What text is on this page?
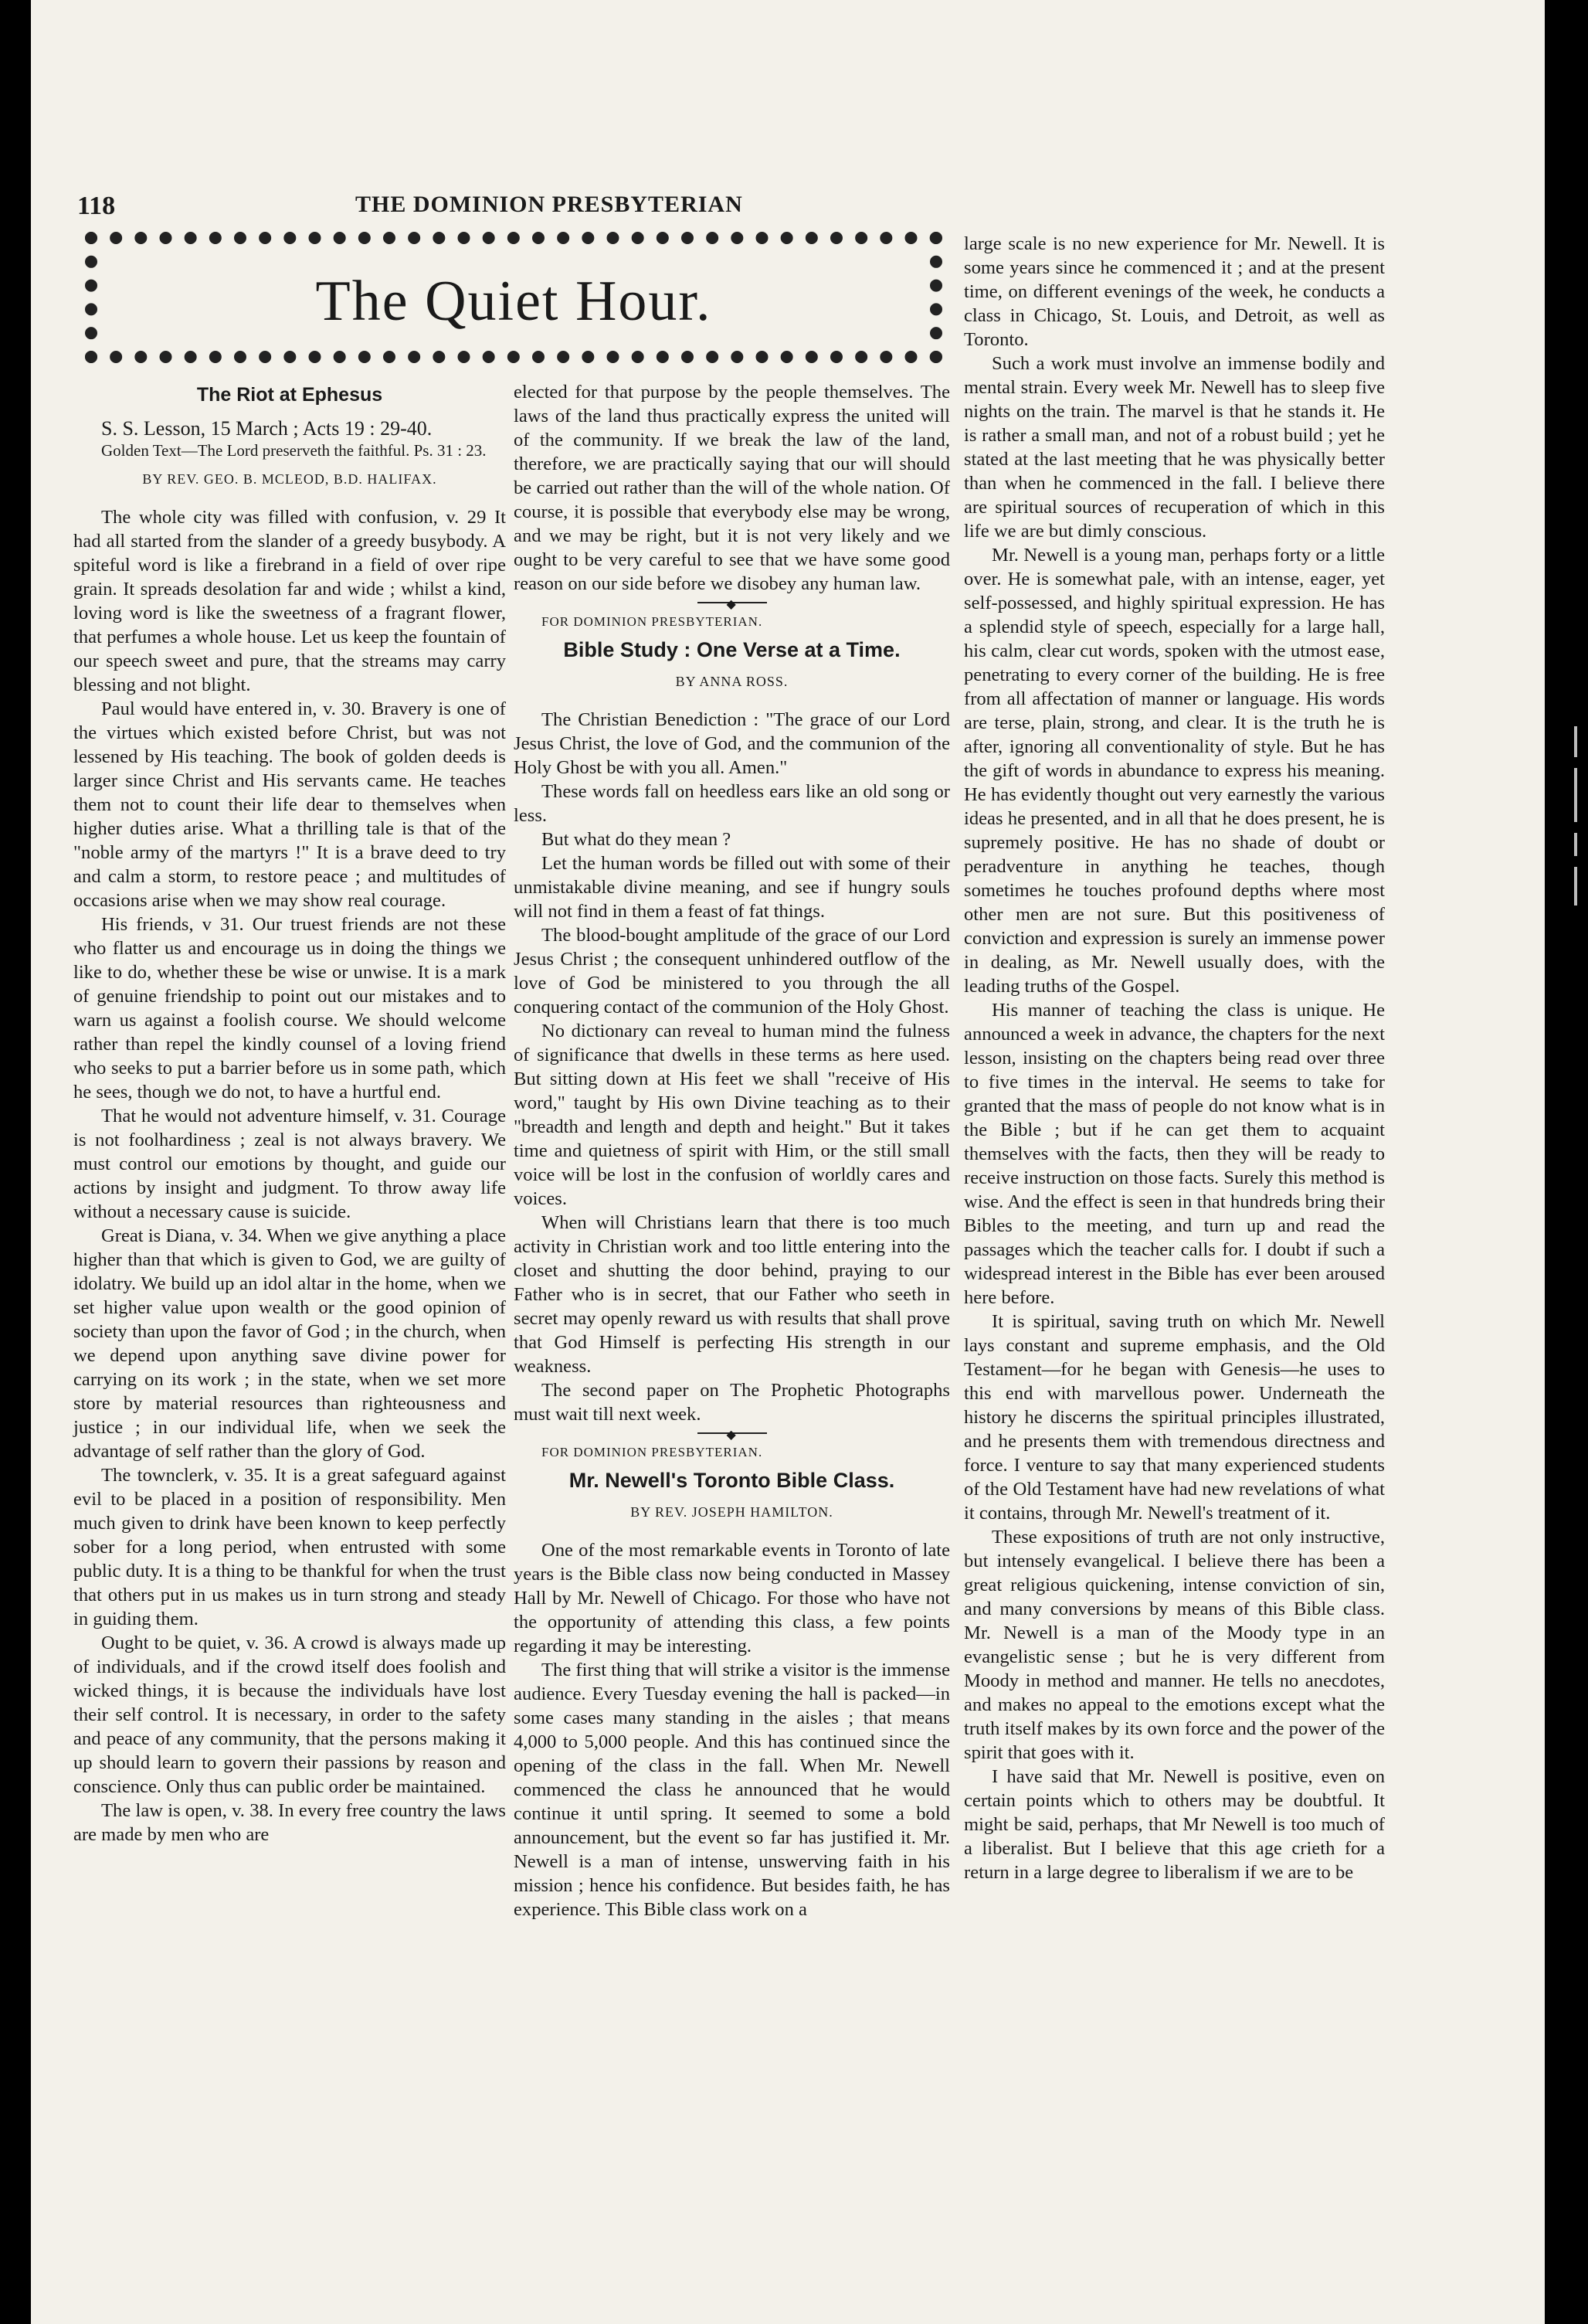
118	THE DOMINION PRESBYTERIAN
The Quiet Hour.
The Riot at Ephesus

S. S. Lesson, 15 March ; Acts 19 : 29-40.

Golden Text—The Lord preserveth the faithful. Ps. 31 : 23.

BY REV. GEO. B. MCLEOD, B.D. HALIFAX.

The whole city was filled with confusion, v. 29 It had all started from the slander of a greedy busybody. A spiteful word is like a firebrand in a field of over ripe grain. It spreads desolation far and wide ; whilst a kind, loving word is like the sweetness of a fragrant flower, that perfumes a whole house. Let us keep the fountain of our speech sweet and pure, that the streams may carry blessing and not blight.

Paul would have entered in, v. 30. Bravery is one of the virtues which existed before Christ, but was not lessened by His teaching. The book of golden deeds is larger since Christ and His servants came. He teaches them not to count their life dear to themselves when higher duties arise. What a thrilling tale is that of the "noble army of the martyrs !" It is a brave deed to try and calm a storm, to restore peace ; and multitudes of occasions arise when we may show real courage.

His friends, v 31. Our truest friends are not these who flatter us and encourage us in doing the things we like to do, whether these be wise or unwise. It is a mark of genuine friendship to point out our mistakes and to warn us against a foolish course. We should welcome rather than repel the kindly counsel of a loving friend who seeks to put a barrier before us in some path, which he sees, though we do not, to have a hurtful end.

That he would not adventure himself, v. 31. Courage is not foolhardiness ; zeal is not always bravery. We must control our emotions by thought, and guide our actions by insight and judgment. To throw away life without a necessary cause is suicide.

Great is Diana, v. 34. When we give anything a place higher than that which is given to God, we are guilty of idolatry. We build up an idol altar in the home, when we set higher value upon wealth or the good opinion of society than upon the favor of God ; in the church, when we depend upon anything save divine power for carrying on its work ; in the state, when we set more store by material resources than righteousness and justice ; in our individual life, when we seek the advantage of self rather than the glory of God.

The townclerk, v. 35. It is a great safeguard against evil to be placed in a position of responsibility. Men much given to drink have been known to keep perfectly sober for a long period, when entrusted with some public duty. It is a thing to be thankful for when the trust that others put in us makes us in turn strong and steady in guiding them.

Ought to be quiet, v. 36. A crowd is always made up of individuals, and if the crowd itself does foolish and wicked things, it is because the individuals have lost their self control. It is necessary, in order to the safety and peace of any community, that the persons making it up should learn to govern their passions by reason and conscience. Only thus can public order be maintained.

The law is open, v. 38. In every free country the laws are made by men who are

elected for that purpose by the people themselves. The laws of the land thus practically express the united will of the community. If we break the law of the land, therefore, we are practically saying that our will should be carried out rather than the will of the whole nation. Of course, it is possible that everybody else may be wrong, and we may be right, but it is not very likely and we ought to be very careful to see that we have some good reason on our side before we disobey any human law.

◆

FOR DOMINION PRESBYTERIAN.

Bible Study : One Verse at a Time.
BY ANNA ROSS.

The Christian Benediction : "The grace of our Lord Jesus Christ, the love of God, and the communion of the Holy Ghost be with you all. Amen."

These words fall on heedless ears like an old song or less.

But what do they mean ?

Let the human words be filled out with some of their unmistakable divine meaning, and see if hungry souls will not find in them a feast of fat things.

The blood-bought amplitude of the grace of our Lord Jesus Christ ; the consequent unhindered outflow of the love of God be ministered to you through the all conquering contact of the communion of the Holy Ghost.

No dictionary can reveal to human mind the fulness of significance that dwells in these terms as here used. But sitting down at His feet we shall "receive of His word," taught by His own Divine teaching as to their "breadth and length and depth and height." But it takes time and quietness of spirit with Him, or the still small voice will be lost in the confusion of worldly cares and voices.

When will Christians learn that there is too much activity in Christian work and too little entering into the closet and shutting the door behind, praying to our Father who is in secret, that our Father who seeth in secret may openly reward us with results that shall prove that God Himself is perfecting His strength in our weakness.

The second paper on The Prophetic Photographs must wait till next week.

◆

FOR DOMINION PRESBYTERIAN.

Mr. Newell's Toronto Bible Class.
BY REV. JOSEPH HAMILTON.

One of the most remarkable events in Toronto of late years is the Bible class now being conducted in Massey Hall by Mr. Newell of Chicago. For those who have not the opportunity of attending this class, a few points regarding it may be interesting.

The first thing that will strike a visitor is the immense audience. Every Tuesday evening the hall is packed—in some cases many standing in the aisles ; that means 4,000 to 5,000 people. And this has continued since the opening of the class in the fall. When Mr. Newell commenced the class he announced that he would continue it until spring. It seemed to some a bold announcement, but the event so far has justified it. Mr. Newell is a man of intense, unswerving faith in his mission ; hence his confidence. But besides faith, he has experience. This Bible class work on a

large scale is no new experience for Mr. Newell. It is some years since he commenced it ; and at the present time, on different evenings of the week, he conducts a class in Chicago, St. Louis, and Detroit, as well as Toronto.

Such a work must involve an immense bodily and mental strain. Every week Mr. Newell has to sleep five nights on the train. The marvel is that he stands it. He is rather a small man, and not of a robust build ; yet he stated at the last meeting that he was physically better than when he commenced in the fall. I believe there are spiritual sources of recuperation of which in this life we are but dimly conscious.

Mr. Newell is a young man, perhaps forty or a little over. He is somewhat pale, with an intense, eager, yet self-possessed, and highly spiritual expression. He has a splendid style of speech, especially for a large hall, his calm, clear cut words, spoken with the utmost ease, penetrating to every corner of the building. He is free from all affectation of manner or language. His words are terse, plain, strong, and clear. It is the truth he is after, ignoring all conventionality of style. But he has the gift of words in abundance to express his meaning. He has evidently thought out very earnestly the various ideas he presented, and in all that he does present, he is supremely positive. He has no shade of doubt or peradventure in anything he teaches, though sometimes he touches profound depths where most other men are not sure. But this positiveness of conviction and expression is surely an immense power in dealing, as Mr. Newell usually does, with the leading truths of the Gospel.

His manner of teaching the class is unique. He announced a week in advance, the chapters for the next lesson, insisting on the chapters being read over three to five times in the interval. He seems to take for granted that the mass of people do not know what is in the Bible ; but if he can get them to acquaint themselves with the facts, then they will be ready to receive instruction on those facts. Surely this method is wise. And the effect is seen in that hundreds bring their Bibles to the meeting, and turn up and read the passages which the teacher calls for. I doubt if such a widespread interest in the Bible has ever been aroused here before.

It is spiritual, saving truth on which Mr. Newell lays constant and supreme emphasis, and the Old Testament—for he began with Genesis—he uses to this end with marvellous power. Underneath the history he discerns the spiritual principles illustrated, and he presents them with tremendous directness and force. I venture to say that many experienced students of the Old Testament have had new revelations of what it contains, through Mr. Newell's treatment of it.

These expositions of truth are not only instructive, but intensely evangelical. I believe there has been a great religious quickening, intense conviction of sin, and many conversions by means of this Bible class. Mr. Newell is a man of the Moody type in an evangelistic sense ; but he is very different from Moody in method and manner. He tells no anecdotes, and makes no appeal to the emotions except what the truth itself makes by its own force and the power of the spirit that goes with it.

I have said that Mr. Newell is positive, even on certain points which to others may be doubtful. It might be said, perhaps, that Mr Newell is too much of a liberalist. But I believe that this age crieth for a return in a large degree to liberalism if we are to be
